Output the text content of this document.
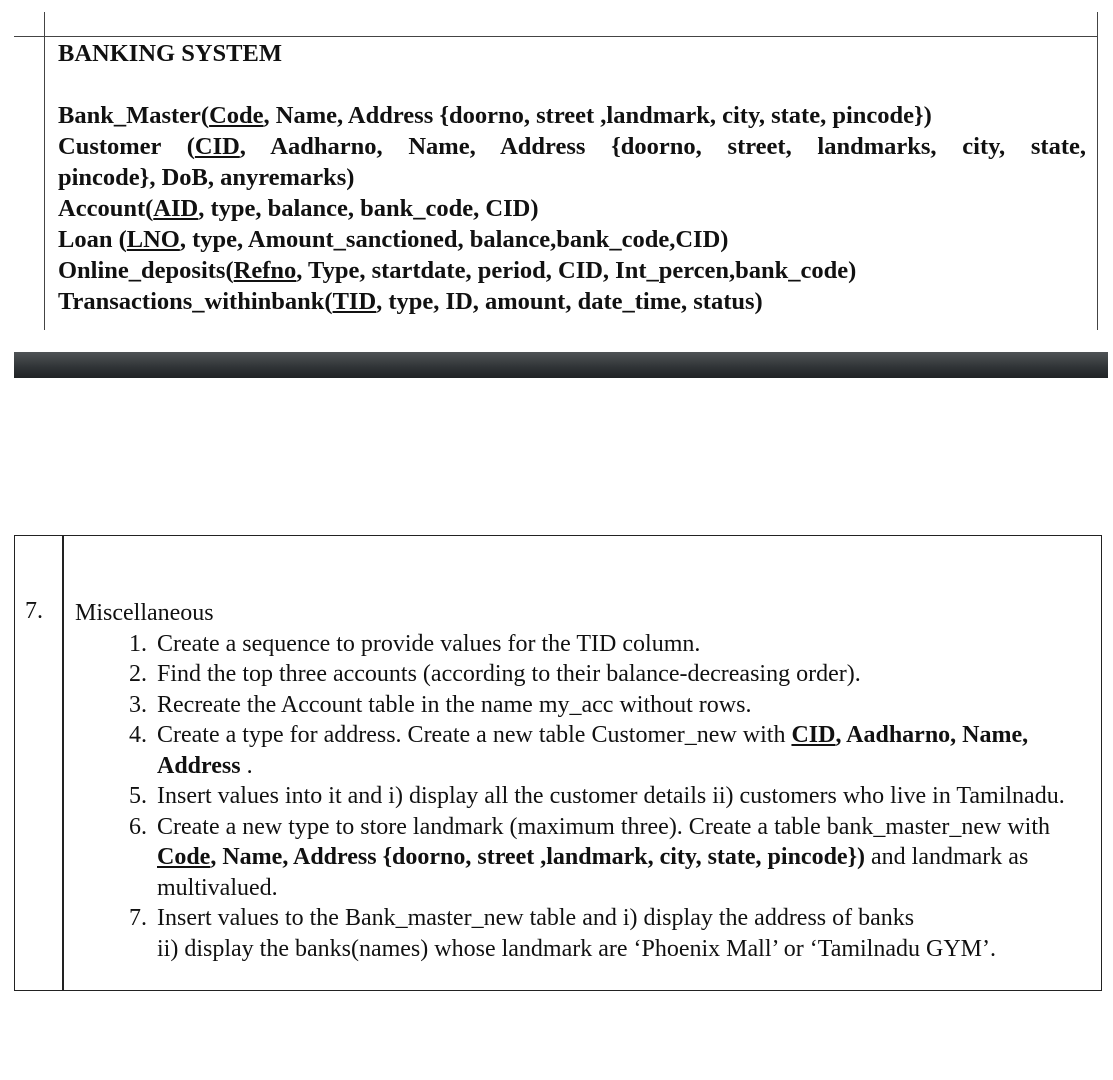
BANKING SYSTEM
Bank_Master(Code, Name, Address {doorno, street ,landmark, city, state, pincode})
Customer (CID, Aadharno, Name, Address {doorno, street, landmarks, city, state,
pincode}, DoB, anyremarks)
Account(AID, type, balance, bank_code, CID)
Loan (LNO, type, Amount_sanctioned, balance,bank_code,CID)
Online_deposits(Refno, Type, startdate, period, CID, Int_percen,bank_code)
Transactions_withinbank(TID, type, ID, amount, date_time, status)
7. Miscellaneous

1. Create a sequence to provide values for the TID column.
2. Find the top three accounts (according to their balance-decreasing order).
3. Recreate the Account table in the name my_acc without rows.
4. Create a type for address. Create a new table Customer_new with CID, Aadharno, Name, Address .
5. Insert values into it and i) display all the customer details ii) customers who live in Tamilnadu.
6. Create a new type to store landmark (maximum three). Create a table bank_master_new with Code, Name, Address {doorno, street ,landmark, city, state, pincode}) and landmark as multivalued.
7. Insert values to the Bank_master_new table and i) display the address of banks
ii) display the banks(names) whose landmark are ‘Phoenix Mall’ or ‘Tamilnadu GYM’.
